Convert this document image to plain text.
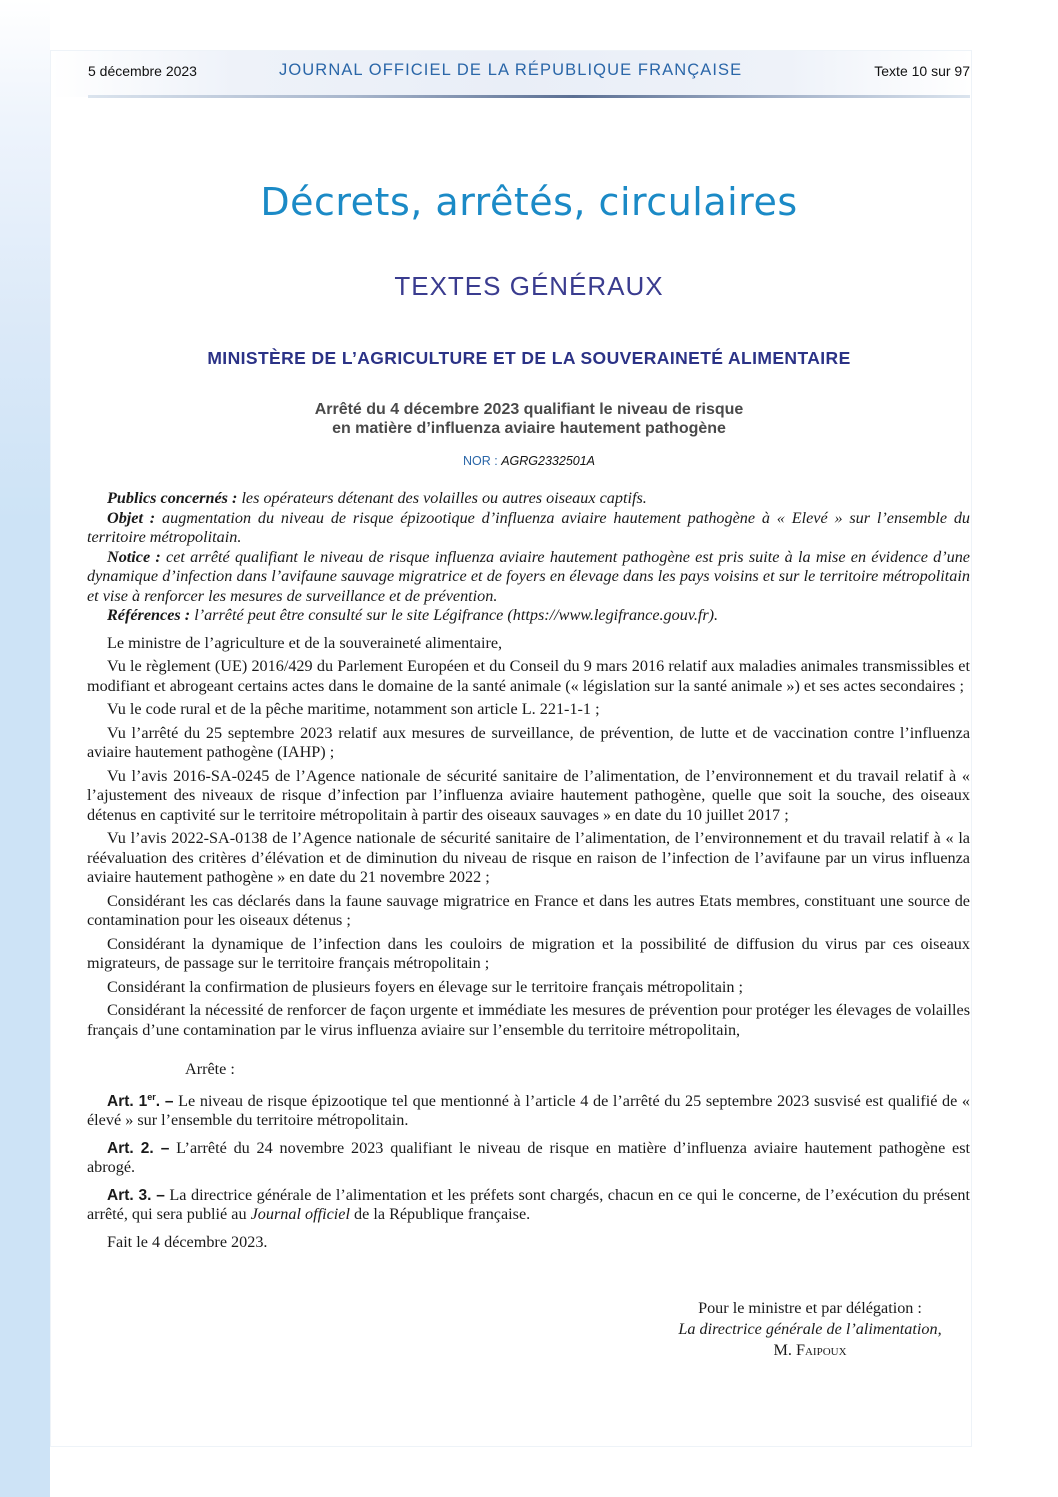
5 décembre 2023	JOURNAL OFFICIEL DE LA RÉPUBLIQUE FRANÇAISE	Texte 10 sur 97
Décrets, arrêtés, circulaires
TEXTES GÉNÉRAUX
MINISTÈRE DE L’AGRICULTURE ET DE LA SOUVERAINETÉ ALIMENTAIRE
Arrêté du 4 décembre 2023 qualifiant le niveau de risque
en matière d’influenza aviaire hautement pathogène
NOR : AGRG2332501A

Publics concernés : les opérateurs détenant des volailles ou autres oiseaux captifs.

Objet : augmentation du niveau de risque épizootique d’influenza aviaire hautement pathogène à « Elevé » sur l’ensemble du territoire métropolitain.

Notice : cet arrêté qualifiant le niveau de risque influenza aviaire hautement pathogène est pris suite à la mise en évidence d’une dynamique d’infection dans l’avifaune sauvage migratrice et de foyers en élevage dans les pays voisins et sur le territoire métropolitain et vise à renforcer les mesures de surveillance et de prévention.

Références : l’arrêté peut être consulté sur le site Légifrance (https://www.legifrance.gouv.fr).

Le ministre de l’agriculture et de la souveraineté alimentaire,

Vu le règlement (UE) 2016/429 du Parlement Européen et du Conseil du 9 mars 2016 relatif aux maladies animales transmissibles et modifiant et abrogeant certains actes dans le domaine de la santé animale (« législation sur la santé animale ») et ses actes secondaires ;

Vu le code rural et de la pêche maritime, notamment son article L. 221-1-1 ;

Vu l’arrêté du 25 septembre 2023 relatif aux mesures de surveillance, de prévention, de lutte et de vaccination contre l’influenza aviaire hautement pathogène (IAHP) ;

Vu l’avis 2016-SA-0245 de l’Agence nationale de sécurité sanitaire de l’alimentation, de l’environnement et du travail relatif à « l’ajustement des niveaux de risque d’infection par l’influenza aviaire hautement pathogène, quelle que soit la souche, des oiseaux détenus en captivité sur le territoire métropolitain à partir des oiseaux sauvages » en date du 10 juillet 2017 ;

Vu l’avis 2022-SA-0138 de l’Agence nationale de sécurité sanitaire de l’alimentation, de l’environnement et du travail relatif à « la réévaluation des critères d’élévation et de diminution du niveau de risque en raison de l’infection de l’avifaune par un virus influenza aviaire hautement pathogène » en date du 21 novembre 2022 ;

Considérant les cas déclarés dans la faune sauvage migratrice en France et dans les autres Etats membres, constituant une source de contamination pour les oiseaux détenus ;

Considérant la dynamique de l’infection dans les couloirs de migration et la possibilité de diffusion du virus par ces oiseaux migrateurs, de passage sur le territoire français métropolitain ;

Considérant la confirmation de plusieurs foyers en élevage sur le territoire français métropolitain ;

Considérant la nécessité de renforcer de façon urgente et immédiate les mesures de prévention pour protéger les élevages de volailles français d’une contamination par le virus influenza aviaire sur l’ensemble du territoire métropolitain,

Arrête :

Art. 1er. – Le niveau de risque épizootique tel que mentionné à l’article 4 de l’arrêté du 25 septembre 2023 susvisé est qualifié de « élevé » sur l’ensemble du territoire métropolitain.

Art. 2. – L’arrêté du 24 novembre 2023 qualifiant le niveau de risque en matière d’influenza aviaire hautement pathogène est abrogé.

Art. 3. – La directrice générale de l’alimentation et les préfets sont chargés, chacun en ce qui le concerne, de l’exécution du présent arrêté, qui sera publié au Journal officiel de la République française.

Fait le 4 décembre 2023.

Pour le ministre et par délégation :
La directrice générale de l’alimentation,
M. Faipoux
